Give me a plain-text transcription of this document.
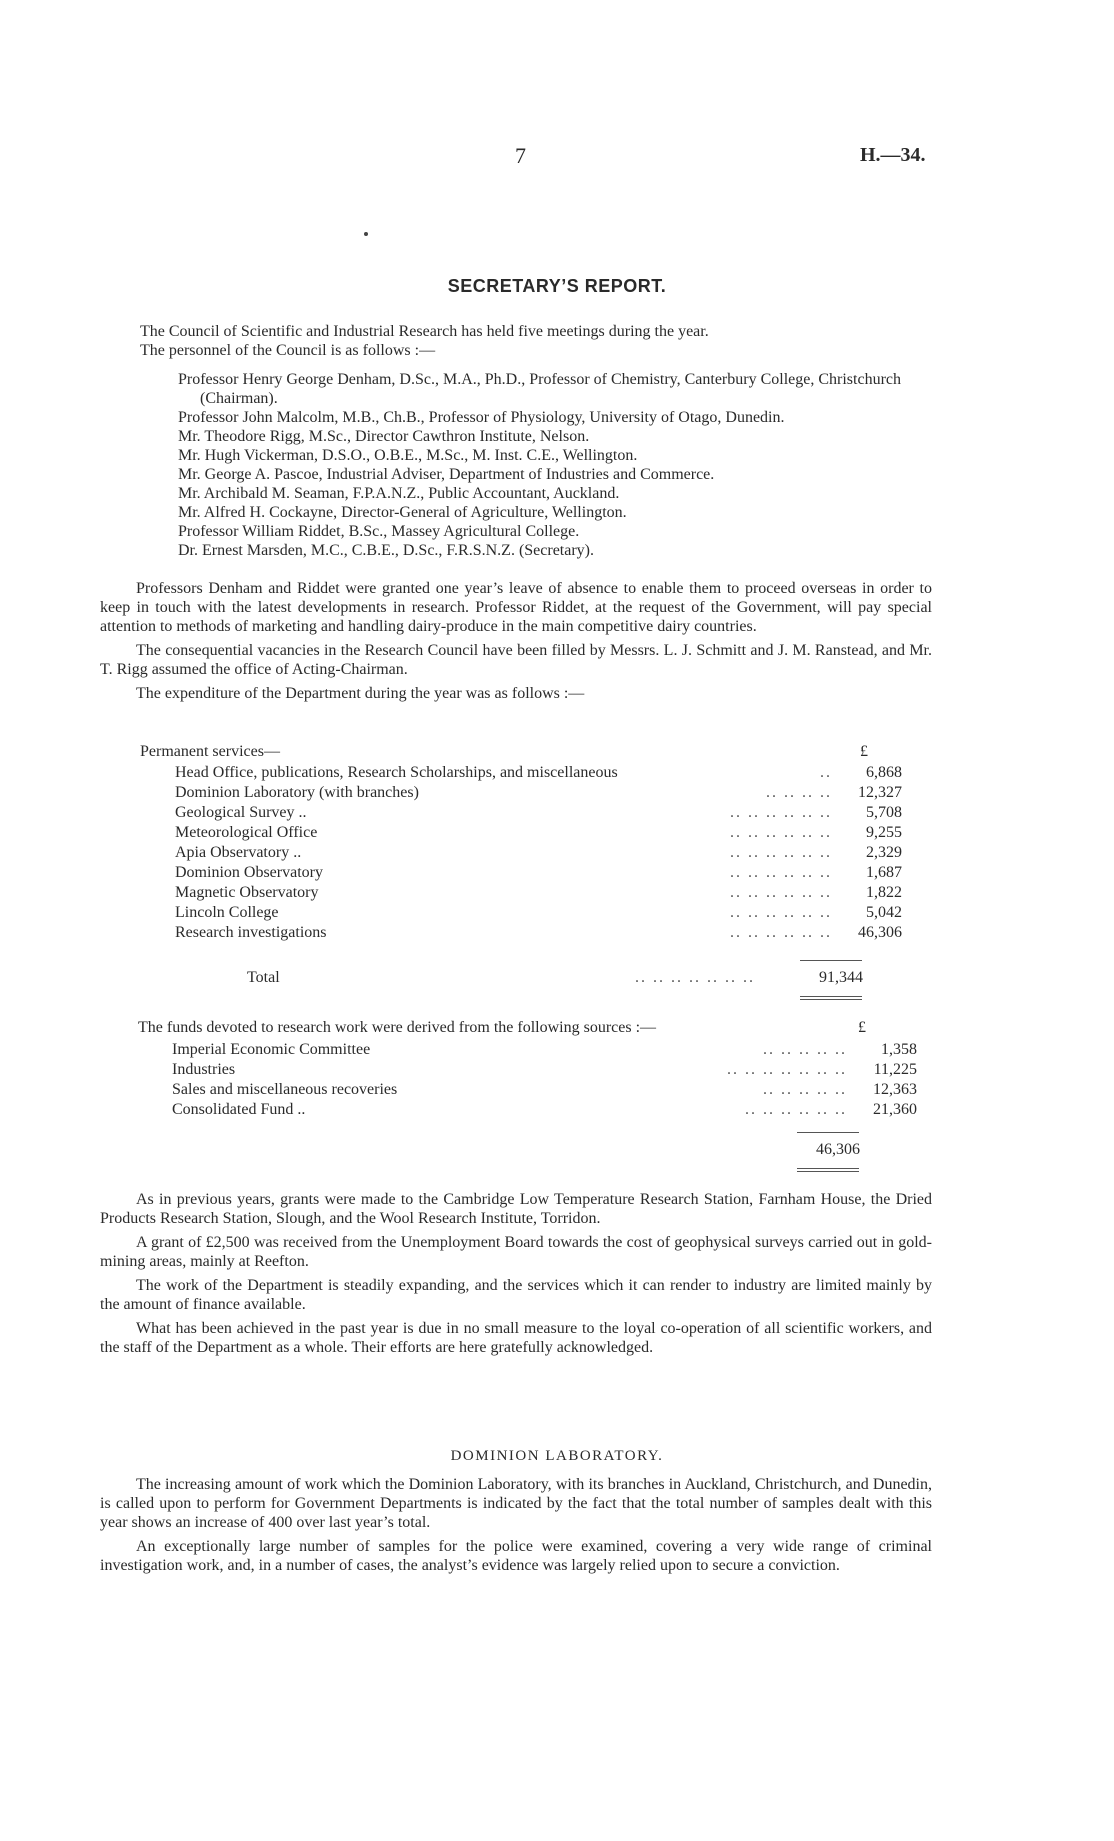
7	H.—34.
SECRETARY’S REPORT.

The Council of Scientific and Industrial Research has held five meetings during the year.

The personnel of the Council is as follows :—

Professor Henry George Denham, D.Sc., M.A., Ph.D., Professor of Chemistry, Canterbury College, Christchurch (Chairman).

Professor John Malcolm, M.B., Ch.B., Professor of Physiology, University of Otago, Dunedin.

Mr. Theodore Rigg, M.Sc., Director Cawthron Institute, Nelson.

Mr. Hugh Vickerman, D.S.O., O.B.E., M.Sc., M. Inst. C.E., Wellington.

Mr. George A. Pascoe, Industrial Adviser, Department of Industries and Commerce.

Mr. Archibald M. Seaman, F.P.A.N.Z., Public Accountant, Auckland.

Mr. Alfred H. Cockayne, Director-General of Agriculture, Wellington.

Professor William Riddet, B.Sc., Massey Agricultural College.

Dr. Ernest Marsden, M.C., C.B.E., D.Sc., F.R.S.N.Z. (Secretary).

Professors Denham and Riddet were granted one year’s leave of absence to enable them to proceed overseas in order to keep in touch with the latest developments in research. Professor Riddet, at the request of the Government, will pay special attention to methods of marketing and handling dairy-produce in the main competitive dairy countries.

The consequential vacancies in the Research Council have been filled by Messrs. L. J. Schmitt and J. M. Ranstead, and Mr. T. Rigg assumed the office of Acting-Chairman.

The expenditure of the Department during the year was as follows :—

Permanent services—	£
Head Office, publications, Research Scholarships, and miscellaneous	..	6,868
Dominion Laboratory (with branches)	.. .. .. ..	12,327
Geological Survey ..	.. .. .. .. .. ..	5,708
Meteorological Office	.. .. .. .. .. ..	9,255
Apia Observatory ..	.. .. .. .. .. ..	2,329
Dominion Observatory	.. .. .. .. .. ..	1,687
Magnetic Observatory	.. .. .. .. .. ..	1,822
Lincoln College	.. .. .. .. .. ..	5,042
Research investigations	.. .. .. .. .. ..	46,306
Total	.. .. .. .. .. .. ..	91,344
The funds devoted to research work were derived from the following sources :—	£
Imperial Economic Committee	.. .. .. .. ..	1,358
Industries	.. .. .. .. .. .. ..	11,225
Sales and miscellaneous recoveries	.. .. .. .. ..	12,363
Consolidated Fund ..	.. .. .. .. .. ..	21,360
46,306

As in previous years, grants were made to the Cambridge Low Temperature Research Station, Farnham House, the Dried Products Research Station, Slough, and the Wool Research Institute, Torridon.

A grant of £2,500 was received from the Unemployment Board towards the cost of geophysical surveys carried out in gold-mining areas, mainly at Reefton.

The work of the Department is steadily expanding, and the services which it can render to industry are limited mainly by the amount of finance available.

What has been achieved in the past year is due in no small measure to the loyal co-operation of all scientific workers, and the staff of the Department as a whole. Their efforts are here gratefully acknowledged.

DOMINION LABORATORY.

The increasing amount of work which the Dominion Laboratory, with its branches in Auckland, Christchurch, and Dunedin, is called upon to perform for Government Departments is indicated by the fact that the total number of samples dealt with this year shows an increase of 400 over last year’s total.

An exceptionally large number of samples for the police were examined, covering a very wide range of criminal investigation work, and, in a number of cases, the analyst’s evidence was largely relied upon to secure a conviction.
